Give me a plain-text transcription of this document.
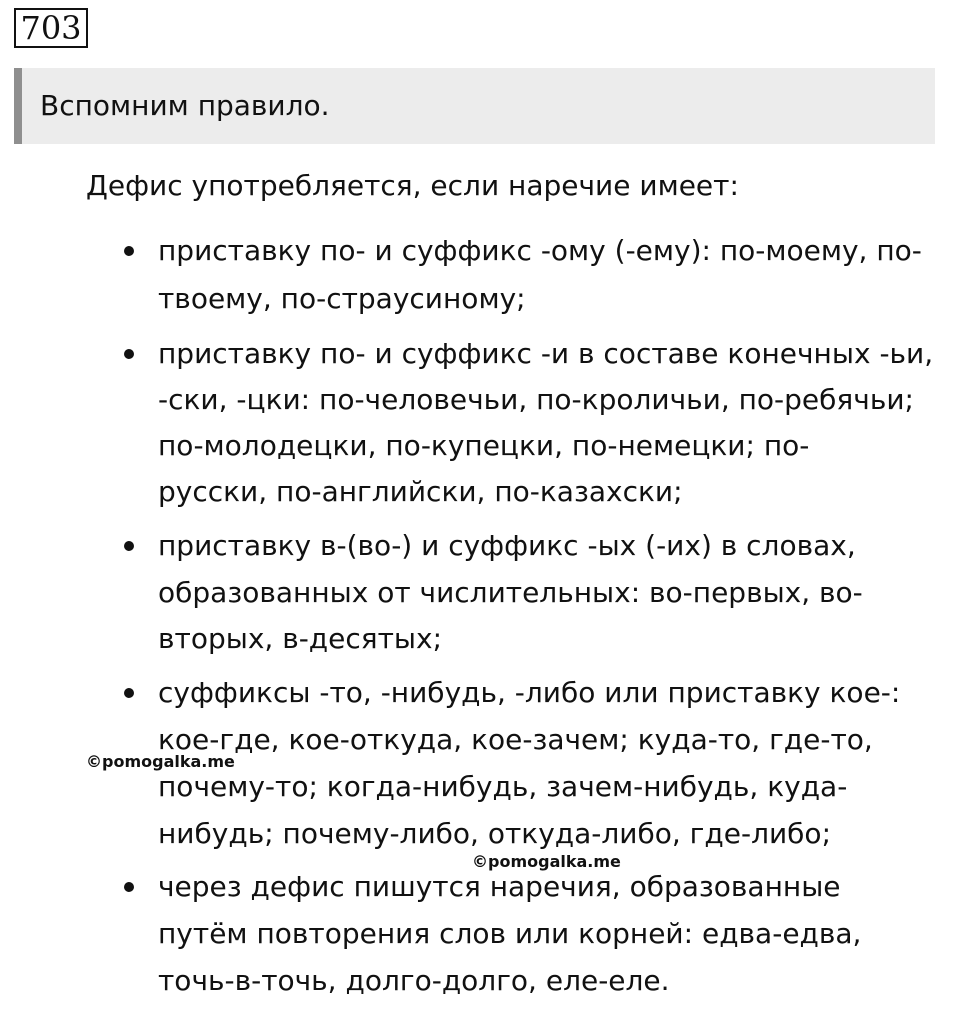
703
Вспомним правило.
Дефис употребляется, если наречие имеет:
приставку по- и суффикс -ому (-ему): по-моему, по-
твоему, по-страусиному;
приставку по- и суффикс -и в составе конечных -ьи,
-ски, -цки: по-человечьи, по-кроличьи, по-ребячьи;
по-молодецки, по-купецки, по-немецки; по-
русски, по-английски, по-казахски;
приставку в-(во-) и суффикс -ых (-их) в словах,
образованных от числительных: во-первых, во-
вторых, в-десятых;
суффиксы -то, -нибудь, -либо или приставку кое-:
кое-где, кое-откуда, кое-зачем; куда-то, где-то,
почему-то; когда-нибудь, зачем-нибудь, куда-
нибудь; почему-либо, откуда-либо, где-либо;
через дефис пишутся наречия, образованные
путём повторения слов или корней: едва-едва,
точь-в-точь, долго-долго, еле-еле.
©pomogalka.me
©pomogalka.me
